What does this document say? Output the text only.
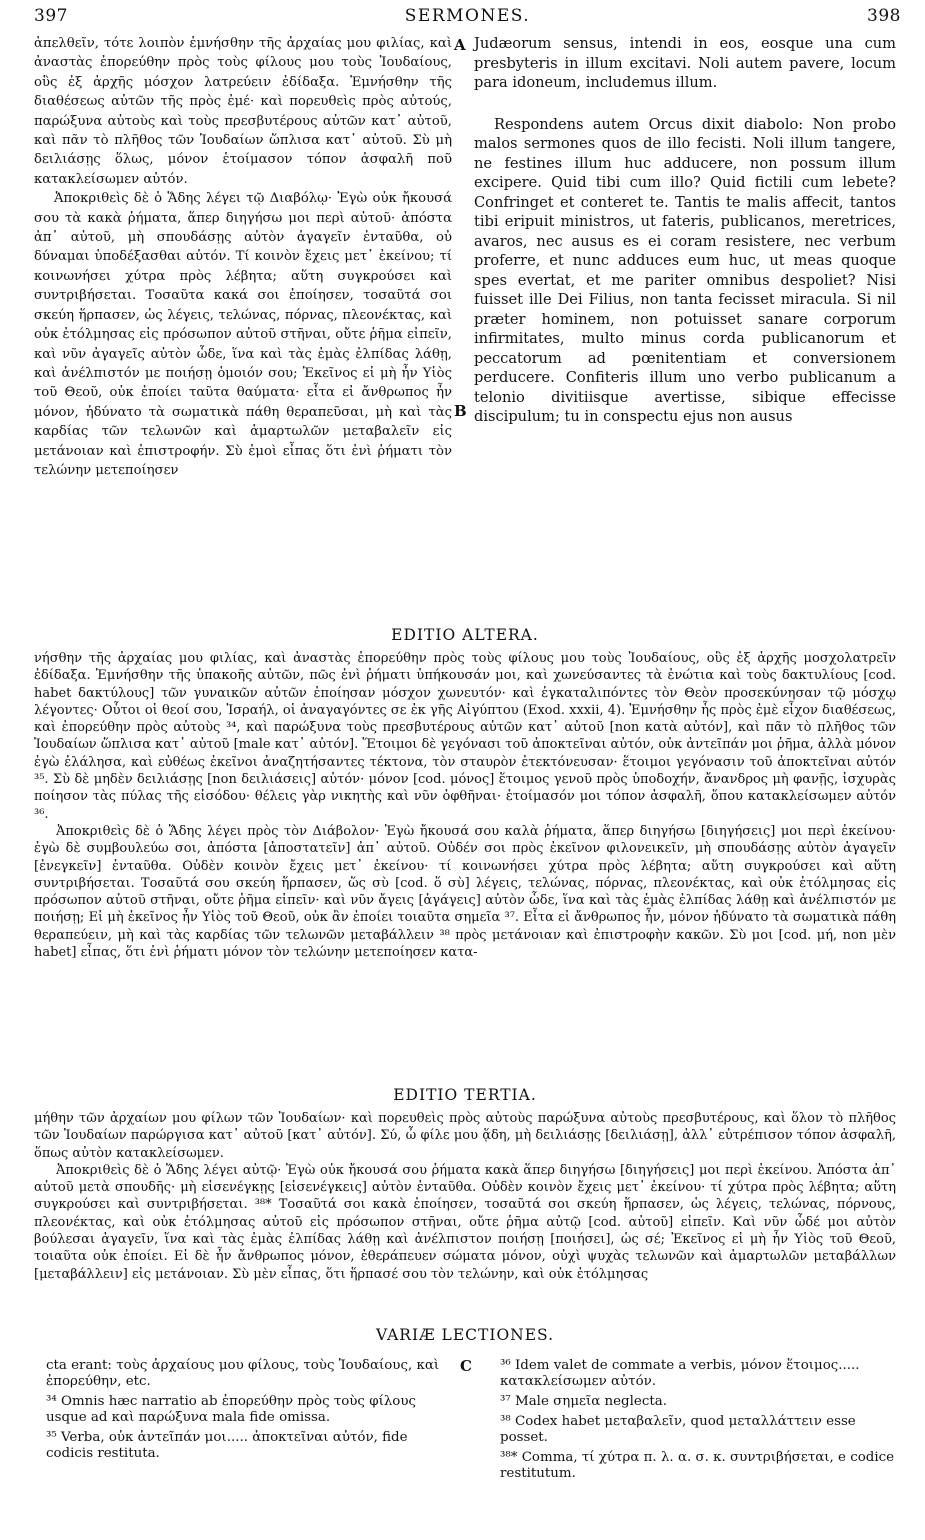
397	SERMONES.	398

ἀπελθεῖν, τότε λοιπὸν ἐμνήσθην τῆς ἀρχαίας μου φιλίας, καὶ ἀναστὰς ἐπορεύθην πρὸς τοὺς φίλους μου τοὺς Ἰουδαίους, οὓς ἐξ ἀρχῆς μόσχον λατρεύειν ἐδίδαξα. Ἐμνήσθην τῆς διαθέσεως αὐτῶν τῆς πρὸς ἐμέ· καὶ πορευθεὶς πρὸς αὐτούς, παρώξυνα αὐτοὺς καὶ τοὺς πρεσβυτέρους αὐτῶν κατ᾽ αὐτοῦ, καὶ πᾶν τὸ πλῆθος τῶν Ἰουδαίων ὥπλισα κατ᾽ αὐτοῦ. Σὺ μὴ δειλιάσῃς ὅλως, μόνον ἑτοίμασον τόπον ἀσφαλῆ ποῦ κατακλείσωμεν αὐτόν.

Ἀποκριθεὶς δὲ ὁ Ἅδης λέγει τῷ Διαβόλῳ· Ἐγὼ οὐκ ἤκουσά σου τὰ κακὰ ῥήματα, ἅπερ διηγήσω μοι περὶ αὐτοῦ· ἀπόστα ἀπ᾽ αὐτοῦ, μὴ σπουδάσῃς αὐτὸν ἀγαγεῖν ἐνταῦθα, οὐ δύναμαι ὑποδέξασθαι αὐτόν. Τί κοινὸν ἔχεις μετ᾽ ἐκείνου; τί κοινωνήσει χύτρα πρὸς λέβητα; αὕτη συγκρούσει καὶ συντριβήσεται. Τοσαῦτα κακά σοι ἐποίησεν, τοσαῦτά σοι σκεύη ἥρπασεν, ὡς λέγεις, τελώνας, πόρνας, πλεονέκτας, καὶ οὐκ ἐτόλμησας εἰς πρόσωπον αὐτοῦ στῆναι, οὔτε ῥῆμα εἰπεῖν, καὶ νῦν ἀγαγεῖς αὐτὸν ὧδε, ἵνα καὶ τὰς ἐμὰς ἐλπίδας λάθῃ, καὶ ἀνέλπιστόν με ποιήσῃ ὁμοιόν σου; Ἐκεῖνος εἰ μὴ ἦν Υἱὸς τοῦ Θεοῦ, οὐκ ἐποίει ταῦτα θαύματα· εἶτα εἰ ἄνθρωπος ἦν μόνον, ἠδύνατο τὰ σωματικὰ πάθη θεραπεῦσαι, μὴ καὶ τὰς καρδίας τῶν τελωνῶν καὶ ἁμαρτωλῶν μεταβαλεῖν εἰς μετάνοιαν καὶ ἐπιστροφήν. Σὺ ἐμοὶ εἶπας ὅτι ἐνὶ ῥήματι τὸν τελώνην μετεποίησεν

A
B

Judæorum sensus, intendi in eos, eosque una cum presbyteris in illum excitavi. Noli autem pavere, locum para idoneum, includemus illum.

Respondens autem Orcus dixit diabolo: Non probo malos sermones quos de illo fecisti. Noli illum tangere, ne festines illum huc adducere, non possum illum excipere. Quid tibi cum illo? Quid fictili cum lebete? Confringet et conteret te. Tantis te malis affecit, tantos tibi eripuit ministros, ut fateris, publicanos, meretrices, avaros, nec ausus es ei coram resistere, nec verbum proferre, et nunc adduces eum huc, ut meas quoque spes evertat, et me pariter omnibus despoliet? Nisi fuisset ille Dei Filius, non tanta fecisset miracula. Si nil præter hominem, non potuisset sanare corporum infirmitates, multo minus corda publicanorum et peccatorum ad pœnitentiam et conversionem perducere. Confiteris illum uno verbo publicanum a telonio divitiisque avertisse, sibique effecisse discipulum; tu in conspectu ejus non ausus

EDITIO ALTERA.

νήσθην τῆς ἀρχαίας μου φιλίας, καὶ ἀναστὰς ἐπορεύθην πρὸς τοὺς φίλους μου τοὺς Ἰουδαίους, οὓς ἐξ ἀρχῆς μοσχολατρεῖν ἐδίδαξα. Ἐμνήσθην τῆς ὑπακοῆς αὐτῶν, πῶς ἐνὶ ῥήματι ὑπήκουσάν μοι, καὶ χωνεύσαντες τὰ ἐνώτια καὶ τοὺς δακτυλίους [cod. habet δακτύλους] τῶν γυναικῶν αὐτῶν ἐποίησαν μόσχον χωνευτόν· καὶ ἐγκαταλιπόντες τὸν Θεὸν προσεκύνησαν τῷ μόσχῳ λέγοντες· Οὗτοι οἱ θεοί σου, Ἰσραήλ, οἱ ἀναγαγόντες σε ἐκ γῆς Αἰγύπτου (Exod. xxxii, 4). Ἐμνήσθην ἧς πρὸς ἐμὲ εἶχον διαθέσεως, καὶ ἐπορεύθην πρὸς αὐτοὺς ³⁴, καὶ παρώξυνα τοὺς πρεσβυτέρους αὐτῶν κατ᾽ αὐτοῦ [non κατὰ αὐτόν], καὶ πᾶν τὸ πλῆθος τῶν Ἰουδαίων ὥπλισα κατ᾽ αὐτοῦ [male κατ᾽ αὐτόν]. Ἕτοιμοι δὲ γεγόνασι τοῦ ἀποκτεῖναι αὐτόν, οὐκ ἀντεῖπάν μοι ῥῆμα, ἀλλὰ μόνον ἐγὼ ἐλάλησα, καὶ εὐθέως ἐκεῖνοι ἀναζητήσαντες τέκτονα, τὸν σταυρὸν ἐτεκτόνευσαν· ἕτοιμοι γεγόνασιν τοῦ ἀποκτεῖναι αὐτόν ³⁵. Σὺ δὲ μηδὲν δειλιάσῃς [non δειλιάσεις] αὐτόν· μόνον [cod. μόνος] ἕτοιμος γενοῦ πρὸς ὑποδοχήν, ἄνανδρος μὴ φανῇς, ἰσχυρὰς ποίησον τὰς πύλας τῆς εἰσόδου· θέλεις γὰρ νικητὴς καὶ νῦν ὀφθῆναι· ἑτοίμασόν μοι τόπον ἀσφαλῆ, ὅπου κατακλείσωμεν αὐτόν ³⁶.

Ἀποκριθεὶς δὲ ὁ Ἅδης λέγει πρὸς τὸν Διάβολον· Ἐγὼ ἤκουσά σου καλὰ ῥήματα, ἅπερ διηγήσω [διηγήσεις] μοι περὶ ἐκείνου· ἐγὼ δὲ συμβουλεύω σοι, ἀπόστα [ἀποστατεῖν] ἀπ᾽ αὐτοῦ. Οὐδέν σοι πρὸς ἐκεῖνον φιλονεικεῖν, μὴ σπουδάσῃς αὐτὸν ἀγαγεῖν [ἐνεγκεῖν] ἐνταῦθα. Οὐδὲν κοινὸν ἔχεις μετ᾽ ἐκείνου· τί κοινωνήσει χύτρα πρὸς λέβητα; αὕτη συγκρούσει καὶ αὕτη συντριβήσεται. Τοσαῦτά σου σκεύη ἥρπασεν, ὥς σὺ [cod. ὅ σὺ] λέγεις, τελώνας, πόρνας, πλεονέκτας, καὶ οὐκ ἐτόλμησας εἰς πρόσωπον αὐτοῦ στῆναι, οὔτε ῥῆμα εἰπεῖν· καὶ νῦν ἄγεις [ἀγάγεις] αὐτὸν ὧδε, ἵνα καὶ τὰς ἐμὰς ἐλπίδας λάθῃ καὶ ἀνέλπιστόν με ποιήσῃ; Εἰ μὴ ἐκεῖνος ἦν Υἱὸς τοῦ Θεοῦ, οὐκ ἂν ἐποίει τοιαῦτα σημεῖα ³⁷. Εἶτα εἰ ἄνθρωπος ἦν, μόνον ἠδύνατο τὰ σωματικὰ πάθη θεραπεύειν, μὴ καὶ τὰς καρδίας τῶν τελωνῶν μεταβάλλειν ³⁸ πρὸς μετάνοιαν καὶ ἐπιστροφὴν κακῶν. Σὺ μοι [cod. μή, non μὲν habet] εἶπας, ὅτι ἐνὶ ῥήματι μόνον τὸν τελώνην μετεποίησεν κατα-

EDITIO TERTIA.

μήθην τῶν ἀρχαίων μου φίλων τῶν Ἰουδαίων· καὶ πορευθεὶς πρὸς αὐτοὺς παρώξυνα αὐτοὺς πρεσβυτέρους, καὶ ὅλον τὸ πλῆθος τῶν Ἰουδαίων παρώργισα κατ᾽ αὐτοῦ [κατ᾽ αὐτόν]. Σύ, ὦ φίλε μου ᾅδη, μὴ δειλιάσῃς [δειλιάσῃ], ἀλλ᾽ εὐτρέπισον τόπον ἀσφαλῆ, ὅπως αὐτὸν κατακλείσωμεν.

Ἀποκριθεὶς δὲ ὁ Ἅδης λέγει αὐτῷ· Ἐγὼ οὐκ ἤκουσά σου ῥήματα κακὰ ἅπερ διηγήσω [διηγήσεις] μοι περὶ ἐκείνου. Ἀπόστα ἀπ᾽ αὐτοῦ μετὰ σπουδῆς· μὴ εἰσενέγκῃς [εἰσενέγκεις] αὐτὸν ἐνταῦθα. Οὐδὲν κοινὸν ἔχεις μετ᾽ ἐκείνου· τί χύτρα πρὸς λέβητα; αὕτη συγκρούσει καὶ συντριβήσεται. ³⁸* Τοσαῦτά σοι κακὰ ἐποίησεν, τοσαῦτά σοι σκεύη ἥρπασεν, ὡς λέγεις, τελώνας, πόρνους, πλεονέκτας, καὶ οὐκ ἐτόλμησας αὐτοῦ εἰς πρόσωπον στῆναι, οὔτε ῥῆμα αὐτῷ [cod. αὐτοῦ] εἰπεῖν. Καὶ νῦν ὧδέ μοι αὐτὸν βούλεσαι ἀγαγεῖν, ἵνα καὶ τὰς ἐμὰς ἐλπίδας λάθῃ καὶ ἀνέλπιστον ποιήσῃ [ποιήσει], ὡς σέ; Ἐκεῖνος εἰ μὴ ἦν Υἱὸς τοῦ Θεοῦ, τοιαῦτα οὐκ ἐποίει. Εἰ δὲ ἦν ἄνθρωπος μόνον, ἐθεράπευεν σώματα μόνον, οὐχὶ ψυχὰς τελωνῶν καὶ ἁμαρτωλῶν μεταβάλλων [μεταβάλλειν] εἰς μετάνοιαν. Σὺ μὲν εἶπας, ὅτι ἥρπασέ σου τὸν τελώνην, καὶ οὐκ ἐτόλμησας

VARIÆ LECTIONES.

cta erant: τοὺς ἀρχαίους μου φίλους, τοὺς Ἰουδαίους, καὶ ἐπορεύθην, etc.

³⁴ Omnis hæc narratio ab ἐπορεύθην πρὸς τοὺς φίλους usque ad καὶ παρώξυνα mala fide omissa.

³⁵ Verba, οὐκ ἀντεῖπάν μοι..... ἀποκτεῖναι αὐτόν, fide codicis restituta.

C ³⁶ Idem valet de commate a verbis, μόνον ἕτοιμος..... κατακλείσωμεν αὐτόν.

³⁷ Male σημεῖα neglecta.

³⁸ Codex habet μεταβαλεῖν, quod μεταλλάττειν esse posset.

³⁸* Comma, τί χύτρα π. λ. α. σ. κ. συντριβήσεται, e codice restitutum.
